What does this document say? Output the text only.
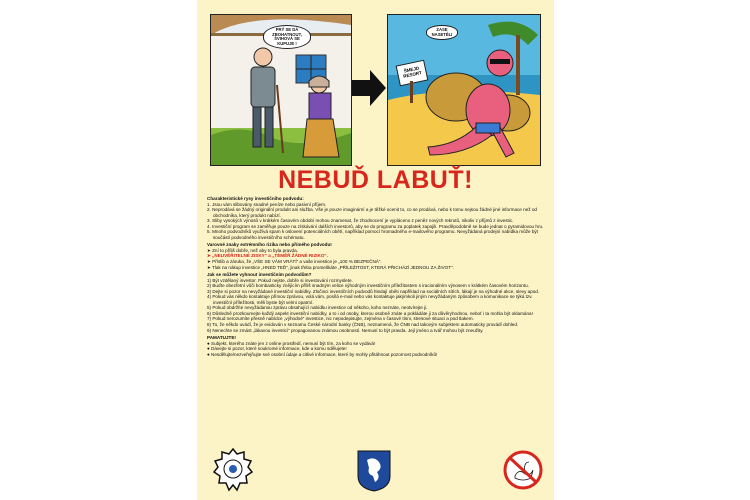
PRÝ SE DÁ ZBOHATNOUT, ŠVIHOVÁ SE KUPUJE !
ZASE NASETĚLI
ŠMEJD RESORT
NEBUĎ LABUŤ!
Charakteristické rysy investičního podvodu:
1. Jsou vám slibovány snadné peníze nebo pasivní příjem.
2. Neprodává se žádný originální produkt ani služba. Vše je pouze imaginární a je těžké ocenit to, co se prodává, nebo k tomu nejsou žádné jiné informace než od obchodníka, který produkt nabízí.
3. Sliby vysokých výnosů v krátkém časovém období mohou znamenat, že zhodnocení je vypláceno z peněz nových rekrutů, nikoliv z příjmů z investic.
4. Investiční program se zaměřuje pouze na získávání dalších investorů, aby se do programu za poplatek zapojili. Pravděpodobně se bude jednat o pyramidovou hru.
5. Mnoho podvodníků využívá spam k oslovení potenciálních obětí, například pomocí hromadného e-mailového programu. Nevyžádaná prodejní nabídka může být součástí podvodného investičního schématu.
Varovné znaky extrémního rizika nebo přímého podvodu!
➤ Zní to příliš dobře, než aby to byla pravda.
➤ „NEUVĚŘITELNÉ ZISKY“ a „TÉMĚŘ ŽÁDNÉ RIZIKO“.
➤ Příslib a záruka, že „VŠE SE VÁM VRÁTÍ“ a vaše investice je „100 % BEZPEČNÁ“.
➤ Tlak na nákup investice „HNED TEĎ“, jinak třeba promeškáte „PŘÍLEŽITOST, KTERÁ PŘICHÁZÍ JEDNOU ZA ŽIVOT“.
Jak se můžete vyhnout investičním podvodům?
1) Být vzdělaný investor. Pokud nejste, dobře si investování rozmyslete.
2) Buďte obezřetní vůči bombasticky znějícím příliš snadným velice výhodným investičním příležitostem s iracionálním výnosem v krátkém časovém horizontu.
3) Dejte si pozor na nevyžádané investiční nabídky. Zločinci investičních podvodů hledají oběti například na sociálních sítích, lákají je na výhodné akce, slevy apod.
4) Pokud vás někdo kontaktuje přímou zprávou, volá vám, posílá e-mail nebo vás kontaktuje jakýmkoli jiným nevyžádaným způsobem a komunikace se týká tzv. investiční příležitosti, měli byste být velmi opatrní.
5) Pokud obdržíte nevyžádanou zprávu obsahující nabídku investice od někoho, koho neznáte, neotvírejte ji.
6) Důsledně prozkoumejte každý aspekt investiční nabídky, a to i od osoby, kterou osobně znáte a pokládáte ji za důvěryhodnou, neboť i ta mohla být oklamána!
7) Pokud nerozumíte přesně nabídce „výhodné“ investice, nic nepodepisujte, zejména v časové tísni, stresové situaci a pod tlakem.
8) To, že někdo uvádí, že je evidován v seznamu České národní banky (ČNB), neznamená, že ČNB nad takovým subjektem automaticky provádí dohled.
9) Nenechte se zmást „lákavou investicí“ propagovanou známou osobností. Nemusí to být pravda. Její jméno a tvář mohou být zneužity.
PAMATUJTE!
● Subjekt, kterého znáte jen z online prostředí, nemusí být tím, za koho se vydává!
● Dávejte si pozor, které soukromé informace, kde a komu sdělujete!
● Nesdělujte/nezveřejňujte své osobní údaje a citlivé informace, které by mohly přitáhnout pozornost podvodníků!
